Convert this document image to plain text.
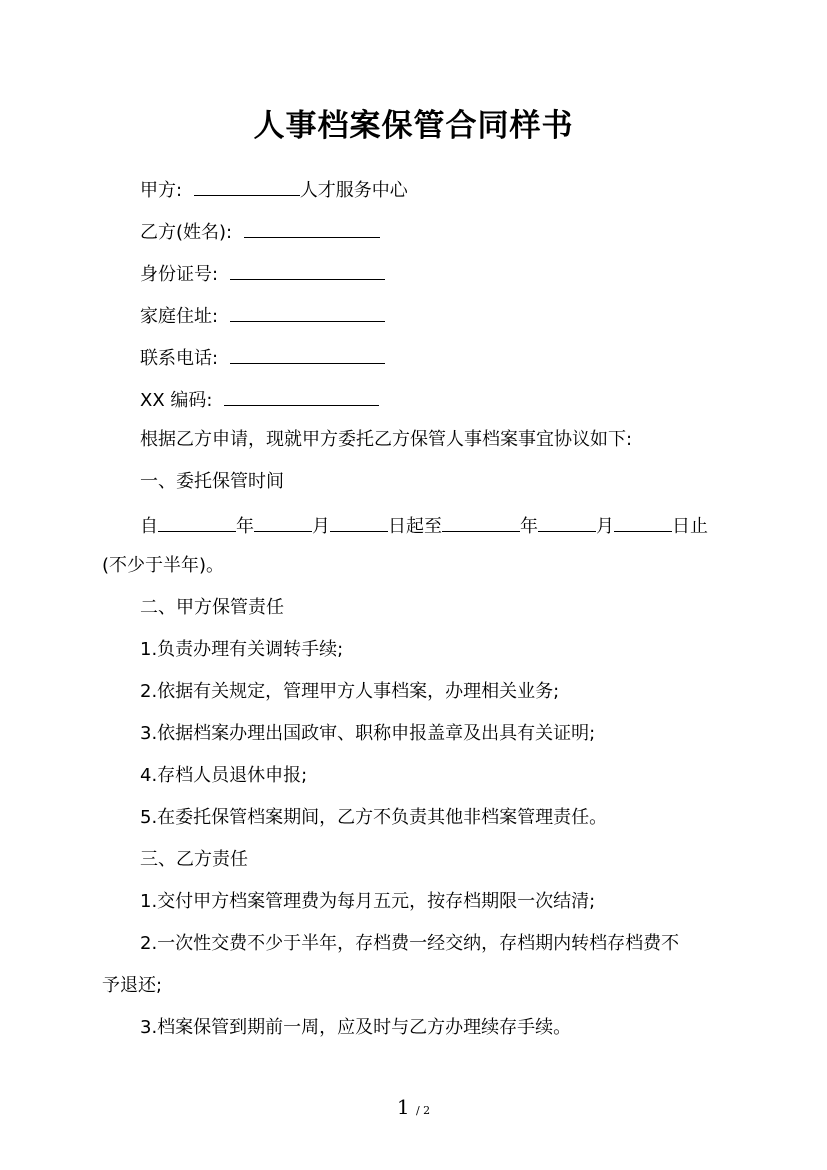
人事档案保管合同样书
甲方:	人才服务中心
乙方(姓名):
身份证号:
家庭住址:
联系电话:
XX 编码:
根据乙方申请，现就甲方委托乙方保管人事档案事宜协议如下:
一、委托保管时间
自	年	月	日起至	年	月	日止
(不少于半年)。
二、甲方保管责任
1.负责办理有关调转手续;
2.依据有关规定，管理甲方人事档案，办理相关业务;
3.依据档案办理出国政审、职称申报盖章及出具有关证明;
4.存档人员退休申报;
5.在委托保管档案期间，乙方不负责其他非档案管理责任。
三、乙方责任
1.交付甲方档案管理费为每月五元，按存档期限一次结清;
2.一次性交费不少于半年，存档费一经交纳，存档期内转档存档费不
予退还;
3.档案保管到期前一周，应及时与乙方办理续存手续。
1 / 2
